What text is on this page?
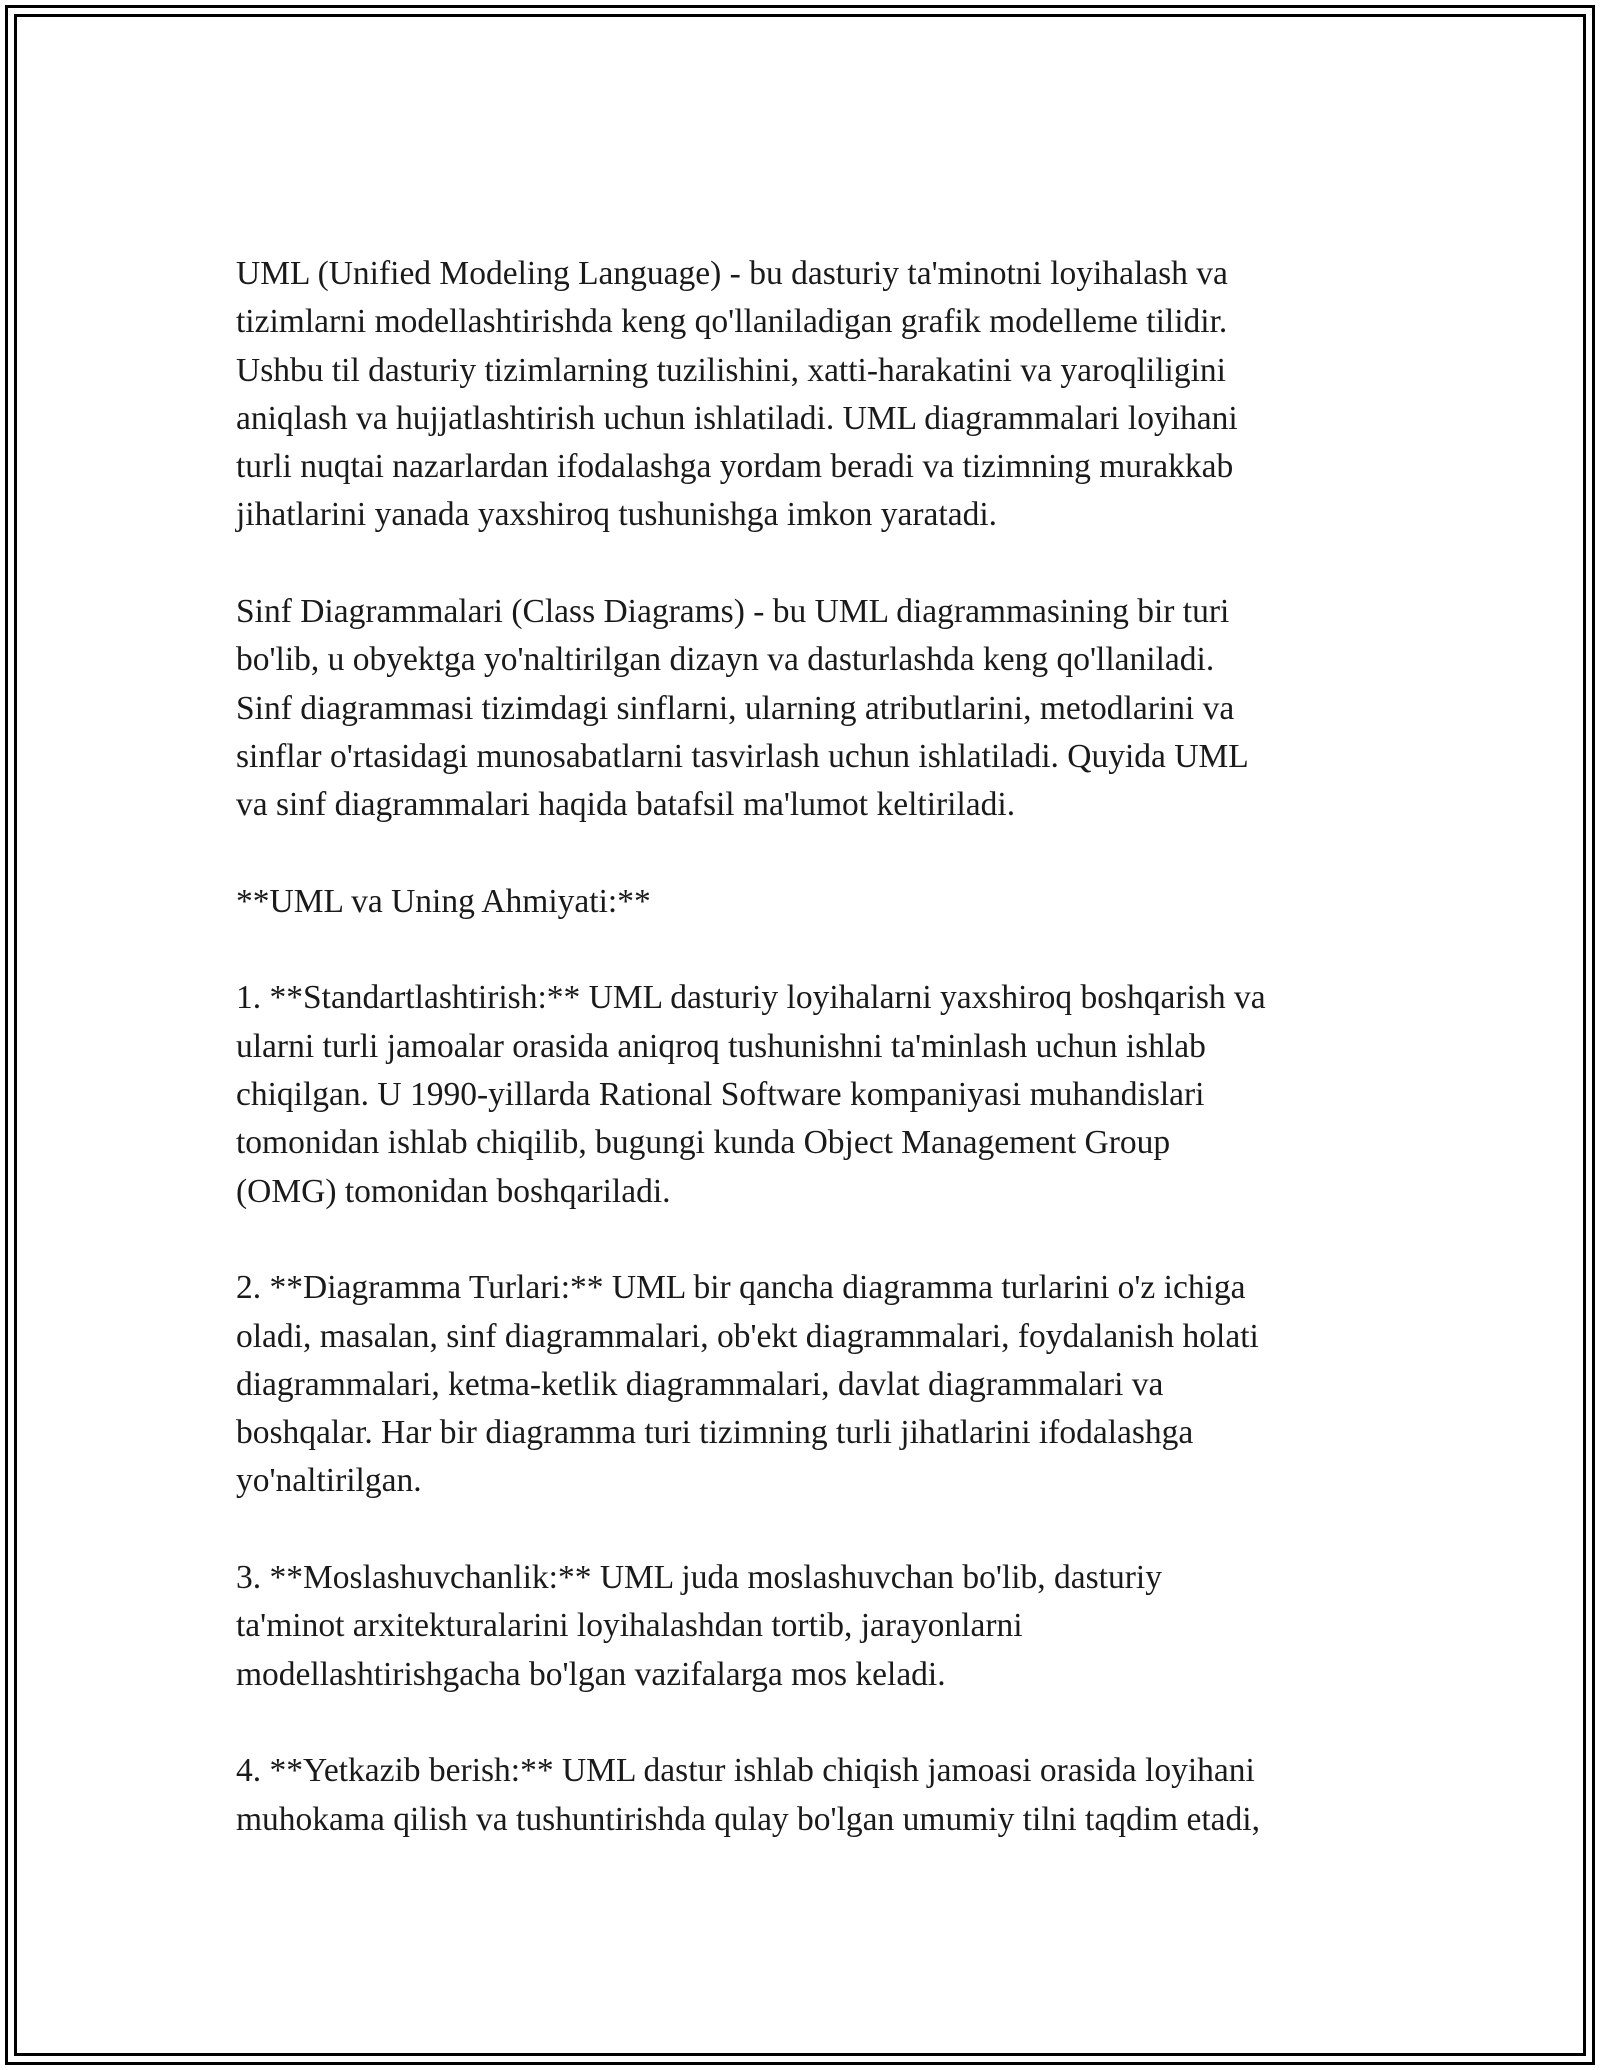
UML (Unified Modeling Language) - bu dasturiy ta'minotni loyihalash va
tizimlarni modellashtirishda keng qo'llaniladigan grafik modelleme tilidir.
Ushbu til dasturiy tizimlarning tuzilishini, xatti-harakatini va yaroqliligini
aniqlash va hujjatlashtirish uchun ishlatiladi. UML diagrammalari loyihani
turli nuqtai nazarlardan ifodalashga yordam beradi va tizimning murakkab
jihatlarini yanada yaxshiroq tushunishga imkon yaratadi.

Sinf Diagrammalari (Class Diagrams) - bu UML diagrammasining bir turi
bo'lib, u obyektga yo'naltirilgan dizayn va dasturlashda keng qo'llaniladi.
Sinf diagrammasi tizimdagi sinflarni, ularning atributlarini, metodlarini va
sinflar o'rtasidagi munosabatlarni tasvirlash uchun ishlatiladi. Quyida UML
va sinf diagrammalari haqida batafsil ma'lumot keltiriladi.

**UML va Uning Ahmiyati:**

1. **Standartlashtirish:** UML dasturiy loyihalarni yaxshiroq boshqarish va
ularni turli jamoalar orasida aniqroq tushunishni ta'minlash uchun ishlab
chiqilgan. U 1990-yillarda Rational Software kompaniyasi muhandislari
tomonidan ishlab chiqilib, bugungi kunda Object Management Group
(OMG) tomonidan boshqariladi.

2. **Diagramma Turlari:** UML bir qancha diagramma turlarini o'z ichiga
oladi, masalan, sinf diagrammalari, ob'ekt diagrammalari, foydalanish holati
diagrammalari, ketma-ketlik diagrammalari, davlat diagrammalari va
boshqalar. Har bir diagramma turi tizimning turli jihatlarini ifodalashga
yo'naltirilgan.

3. **Moslashuvchanlik:** UML juda moslashuvchan bo'lib, dasturiy
ta'minot arxitekturalarini loyihalashdan tortib, jarayonlarni
modellashtirishgacha bo'lgan vazifalarga mos keladi.

4. **Yetkazib berish:** UML dastur ishlab chiqish jamoasi orasida loyihani
muhokama qilish va tushuntirishda qulay bo'lgan umumiy tilni taqdim etadi,
